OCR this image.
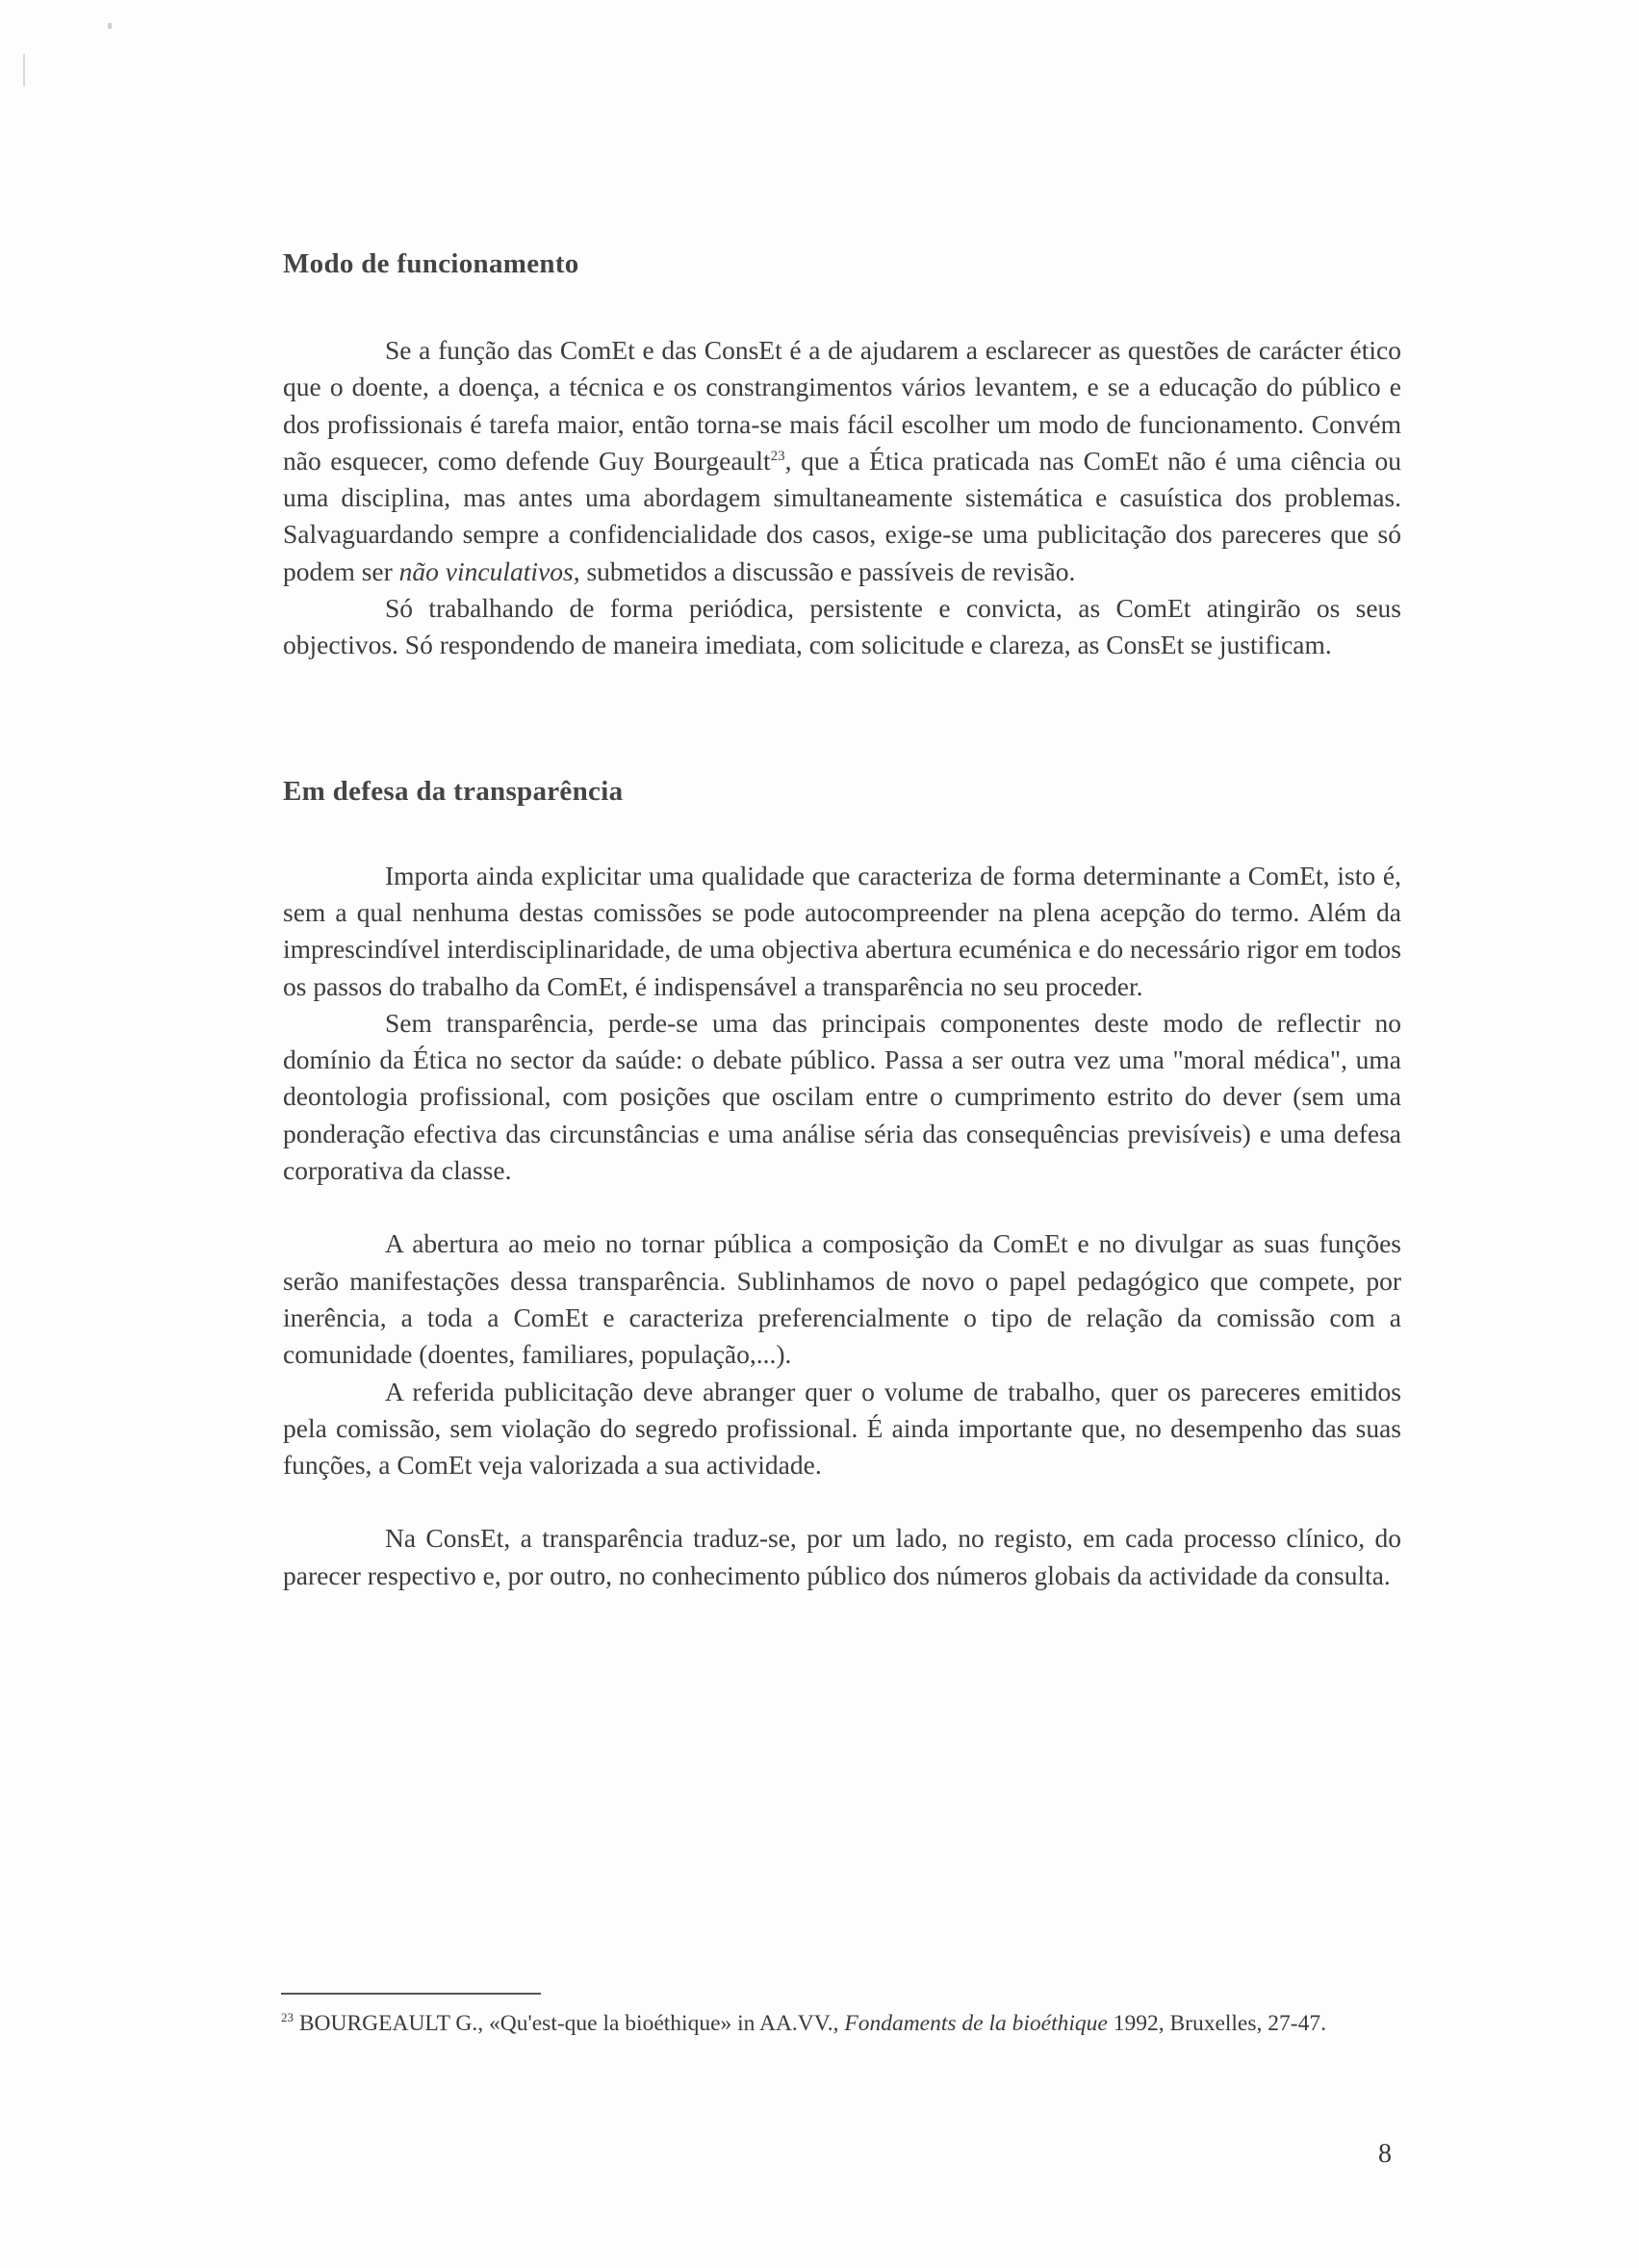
Modo de funcionamento

Se a função das ComEt e das ConsEt é a de ajudarem a esclarecer as questões de carácter ético que o doente, a doença, a técnica e os constrangimentos vários levantem, e se a educação do público e dos profissionais é tarefa maior, então torna-se mais fácil escolher um modo de funcionamento. Convém não esquecer, como defende Guy Bourgeault$^{23}$, que a Ética praticada nas ComEt não é uma ciência ou uma disciplina, mas antes uma abordagem simultaneamente sistemática e casuística dos problemas. Salvaguardando sempre a confidencialidade dos casos, exige-se uma publicitação dos pareceres que só podem ser não vinculativos, submetidos a discussão e passíveis de revisão.

Só trabalhando de forma periódica, persistente e convicta, as ComEt atingirão os seus objectivos. Só respondendo de maneira imediata, com solicitude e clareza, as ConsEt se justificam.

Em defesa da transparência

Importa ainda explicitar uma qualidade que caracteriza de forma determinante a ComEt, isto é, sem a qual nenhuma destas comissões se pode autocompreender na plena acepção do termo. Além da imprescindível interdisciplinaridade, de uma objectiva abertura ecuménica e do necessário rigor em todos os passos do trabalho da ComEt, é indispensável a transparência no seu proceder.

Sem transparência, perde-se uma das principais componentes deste modo de reflectir no domínio da Ética no sector da saúde: o debate público. Passa a ser outra vez uma "moral médica", uma deontologia profissional, com posições que oscilam entre o cumprimento estrito do dever (sem uma ponderação efectiva das circunstâncias e uma análise séria das consequências previsíveis) e uma defesa corporativa da classe.

A abertura ao meio no tornar pública a composição da ComEt e no divulgar as suas funções serão manifestações dessa transparência. Sublinhamos de novo o papel pedagógico que compete, por inerência, a toda a ComEt e caracteriza preferencialmente o tipo de relação da comissão com a comunidade (doentes, familiares, população,...).

A referida publicitação deve abranger quer o volume de trabalho, quer os pareceres emitidos pela comissão, sem violação do segredo profissional. É ainda importante que, no desempenho das suas funções, a ComEt veja valorizada a sua actividade.

Na ConsEt, a transparência traduz-se, por um lado, no registo, em cada processo clínico, do parecer respectivo e, por outro, no conhecimento público dos números globais da actividade da consulta.

$^{23}$ BOURGEAULT G., «Qu'est-que la bioéthique» in AA.VV., Fondaments de la bioéthique 1992, Bruxelles, 27-47.
8
